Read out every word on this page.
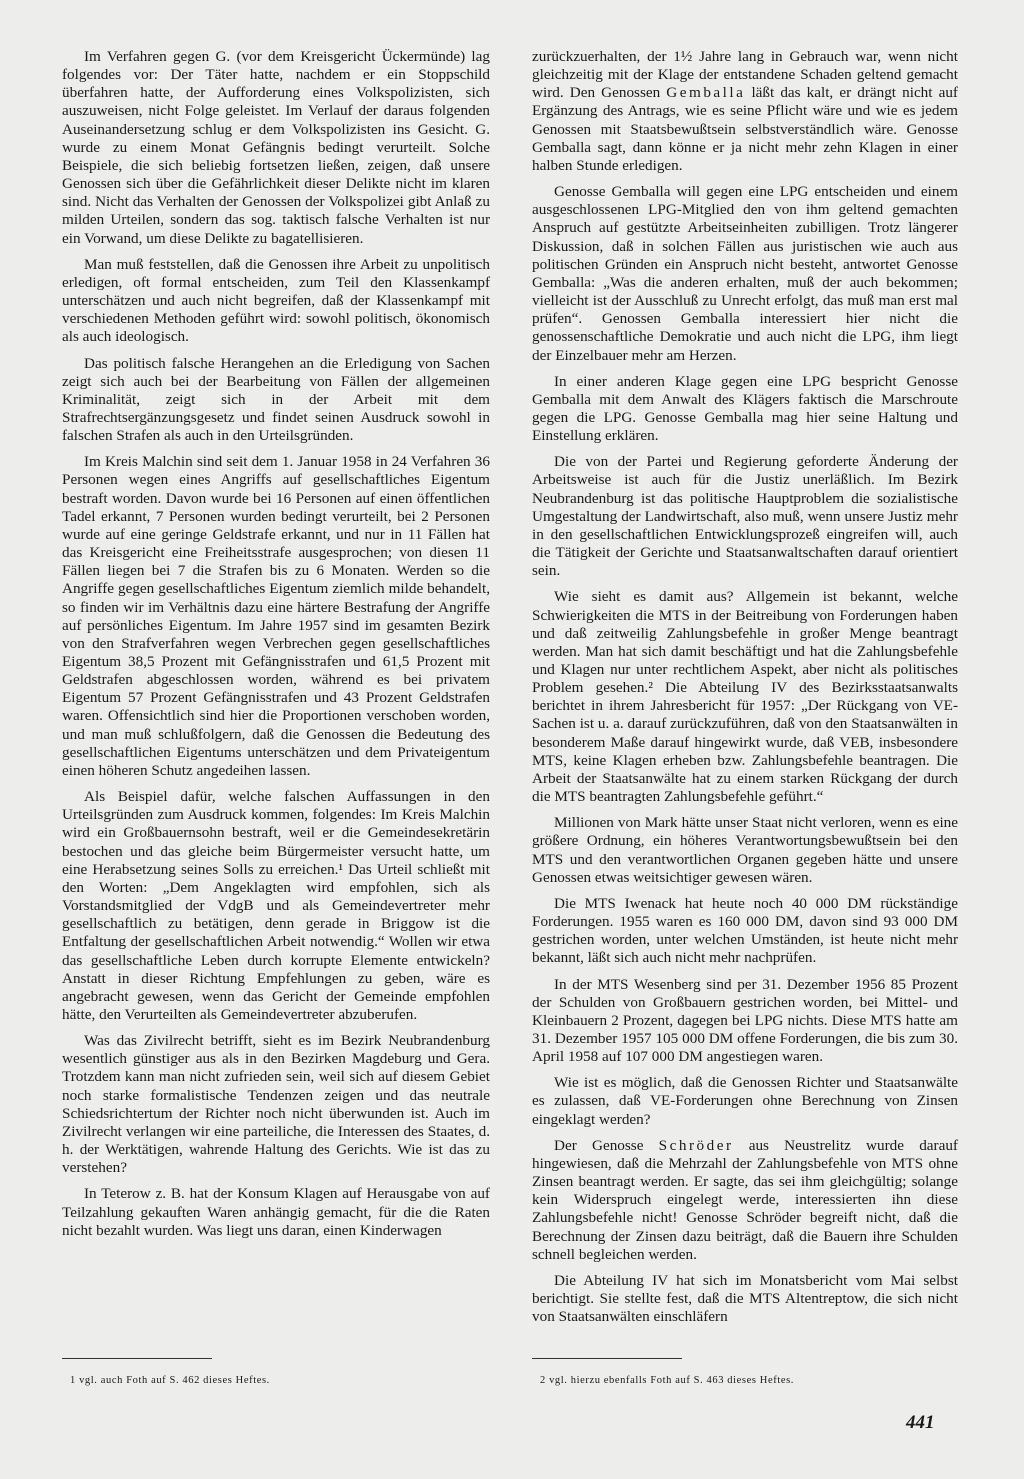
Im Verfahren gegen G. (vor dem Kreisgericht Ückermünde) lag folgendes vor: Der Täter hatte, nachdem er ein Stoppschild überfahren hatte, der Aufforderung eines Volkspolizisten, sich auszuweisen, nicht Folge geleistet. Im Verlauf der daraus folgenden Auseinandersetzung schlug er dem Volkspolizisten ins Gesicht. G. wurde zu einem Monat Gefängnis bedingt verurteilt. Solche Beispiele, die sich beliebig fortsetzen ließen, zeigen, daß unsere Genossen sich über die Gefährlichkeit dieser Delikte nicht im klaren sind. Nicht das Verhalten der Genossen der Volkspolizei gibt Anlaß zu milden Urteilen, sondern das sog. taktisch falsche Verhalten ist nur ein Vorwand, um diese Delikte zu bagatellisieren.

Man muß feststellen, daß die Genossen ihre Arbeit zu unpolitisch erledigen, oft formal entscheiden, zum Teil den Klassenkampf unterschätzen und auch nicht begreifen, daß der Klassenkampf mit verschiedenen Methoden geführt wird: sowohl politisch, ökonomisch als auch ideologisch.

Das politisch falsche Herangehen an die Erledigung von Sachen zeigt sich auch bei der Bearbeitung von Fällen der allgemeinen Kriminalität, zeigt sich in der Arbeit mit dem Strafrechtsergänzungsgesetz und findet seinen Ausdruck sowohl in falschen Strafen als auch in den Urteilsgründen.

Im Kreis Malchin sind seit dem 1. Januar 1958 in 24 Verfahren 36 Personen wegen eines Angriffs auf gesellschaftliches Eigentum bestraft worden. Davon wurde bei 16 Personen auf einen öffentlichen Tadel erkannt, 7 Personen wurden bedingt verurteilt, bei 2 Personen wurde auf eine geringe Geldstrafe erkannt, und nur in 11 Fällen hat das Kreisgericht eine Freiheitsstrafe ausgesprochen; von diesen 11 Fällen liegen bei 7 die Strafen bis zu 6 Monaten. Werden so die Angriffe gegen gesellschaftliches Eigentum ziemlich milde behandelt, so finden wir im Verhältnis dazu eine härtere Bestrafung der Angriffe auf persönliches Eigentum. Im Jahre 1957 sind im gesamten Bezirk von den Strafverfahren wegen Verbrechen gegen gesellschaftliches Eigentum 38,5 Prozent mit Gefängnisstrafen und 61,5 Prozent mit Geldstrafen abgeschlossen worden, während es bei privatem Eigentum 57 Prozent Gefängnisstrafen und 43 Prozent Geldstrafen waren. Offensichtlich sind hier die Proportionen verschoben worden, und man muß schlußfolgern, daß die Genossen die Bedeutung des gesellschaftlichen Eigentums unterschätzen und dem Privateigentum einen höheren Schutz angedeihen lassen.

Als Beispiel dafür, welche falschen Auffassungen in den Urteilsgründen zum Ausdruck kommen, folgendes: Im Kreis Malchin wird ein Großbauernsohn bestraft, weil er die Gemeindesekretärin bestochen und das gleiche beim Bürgermeister versucht hatte, um eine Herabsetzung seines Solls zu erreichen.¹ Das Urteil schließt mit den Worten: „Dem Angeklagten wird empfohlen, sich als Vorstandsmitglied der VdgB und als Gemeindevertreter mehr gesellschaftlich zu betätigen, denn gerade in Briggow ist die Entfaltung der gesellschaftlichen Arbeit notwendig.“ Wollen wir etwa das gesellschaftliche Leben durch korrupte Elemente entwickeln? Anstatt in dieser Richtung Empfehlungen zu geben, wäre es angebracht gewesen, wenn das Gericht der Gemeinde empfohlen hätte, den Verurteilten als Gemeindevertreter abzuberufen.

Was das Zivilrecht betrifft, sieht es im Bezirk Neubrandenburg wesentlich günstiger aus als in den Bezirken Magdeburg und Gera. Trotzdem kann man nicht zufrieden sein, weil sich auf diesem Gebiet noch starke formalistische Tendenzen zeigen und das neutrale Schiedsrichtertum der Richter noch nicht überwunden ist. Auch im Zivilrecht verlangen wir eine parteiliche, die Interessen des Staates, d. h. der Werktätigen, wahrende Haltung des Gerichts. Wie ist das zu verstehen?

In Teterow z. B. hat der Konsum Klagen auf Herausgabe von auf Teilzahlung gekauften Waren anhängig gemacht, für die die Raten nicht bezahlt wurden. Was liegt uns daran, einen Kinderwagen

zurückzuerhalten, der 1½ Jahre lang in Gebrauch war, wenn nicht gleichzeitig mit der Klage der entstandene Schaden geltend gemacht wird. Den Genossen Gemballa läßt das kalt, er drängt nicht auf Ergänzung des Antrags, wie es seine Pflicht wäre und wie es jedem Genossen mit Staatsbewußtsein selbstverständlich wäre. Genosse Gemballa sagt, dann könne er ja nicht mehr zehn Klagen in einer halben Stunde erledigen.

Genosse Gemballa will gegen eine LPG entscheiden und einem ausgeschlossenen LPG-Mitglied den von ihm geltend gemachten Anspruch auf gestützte Arbeitseinheiten zubilligen. Trotz längerer Diskussion, daß in solchen Fällen aus juristischen wie auch aus politischen Gründen ein Anspruch nicht besteht, antwortet Genosse Gemballa: „Was die anderen erhalten, muß der auch bekommen; vielleicht ist der Ausschluß zu Unrecht erfolgt, das muß man erst mal prüfen“. Genossen Gemballa interessiert hier nicht die genossenschaftliche Demokratie und auch nicht die LPG, ihm liegt der Einzelbauer mehr am Herzen.

In einer anderen Klage gegen eine LPG bespricht Genosse Gemballa mit dem Anwalt des Klägers faktisch die Marschroute gegen die LPG. Genosse Gemballa mag hier seine Haltung und Einstellung erklären.

Die von der Partei und Regierung geforderte Änderung der Arbeitsweise ist auch für die Justiz unerläßlich. Im Bezirk Neubrandenburg ist das politische Hauptproblem die sozialistische Umgestaltung der Landwirtschaft, also muß, wenn unsere Justiz mehr in den gesellschaftlichen Entwicklungsprozeß eingreifen will, auch die Tätigkeit der Gerichte und Staatsanwaltschaften darauf orientiert sein.

Wie sieht es damit aus? Allgemein ist bekannt, welche Schwierigkeiten die MTS in der Beitreibung von Forderungen haben und daß zeitweilig Zahlungsbefehle in großer Menge beantragt werden. Man hat sich damit beschäftigt und hat die Zahlungsbefehle und Klagen nur unter rechtlichem Aspekt, aber nicht als politisches Problem gesehen.² Die Abteilung IV des Bezirksstaatsanwalts berichtet in ihrem Jahresbericht für 1957: „Der Rückgang von VE-Sachen ist u. a. darauf zurückzuführen, daß von den Staatsanwälten in besonderem Maße darauf hingewirkt wurde, daß VEB, insbesondere MTS, keine Klagen erheben bzw. Zahlungsbefehle beantragen. Die Arbeit der Staatsanwälte hat zu einem starken Rückgang der durch die MTS beantragten Zahlungsbefehle geführt.“

Millionen von Mark hätte unser Staat nicht verloren, wenn es eine größere Ordnung, ein höheres Verantwortungsbewußtsein bei den MTS und den verantwortlichen Organen gegeben hätte und unsere Genossen etwas weitsichtiger gewesen wären.

Die MTS Iwenack hat heute noch 40 000 DM rückständige Forderungen. 1955 waren es 160 000 DM, davon sind 93 000 DM gestrichen worden, unter welchen Umständen, ist heute nicht mehr bekannt, läßt sich auch nicht mehr nachprüfen.

In der MTS Wesenberg sind per 31. Dezember 1956 85 Prozent der Schulden von Großbauern gestrichen worden, bei Mittel- und Kleinbauern 2 Prozent, dagegen bei LPG nichts. Diese MTS hatte am 31. Dezember 1957 105 000 DM offene Forderungen, die bis zum 30. April 1958 auf 107 000 DM angestiegen waren.

Wie ist es möglich, daß die Genossen Richter und Staatsanwälte es zulassen, daß VE-Forderungen ohne Berechnung von Zinsen eingeklagt werden?

Der Genosse Schröder aus Neustrelitz wurde darauf hingewiesen, daß die Mehrzahl der Zahlungsbefehle von MTS ohne Zinsen beantragt werden. Er sagte, das sei ihm gleichgültig; solange kein Widerspruch eingelegt werde, interessierten ihn diese Zahlungsbefehle nicht! Genosse Schröder begreift nicht, daß die Berechnung der Zinsen dazu beiträgt, daß die Bauern ihre Schulden schnell begleichen werden.

Die Abteilung IV hat sich im Monatsbericht vom Mai selbst berichtigt. Sie stellte fest, daß die MTS Altentreptow, die sich nicht von Staatsanwälten einschläfern

1 vgl. auch Foth auf S. 462 dieses Heftes.	2 vgl. hierzu ebenfalls Foth auf S. 463 dieses Heftes.
441
